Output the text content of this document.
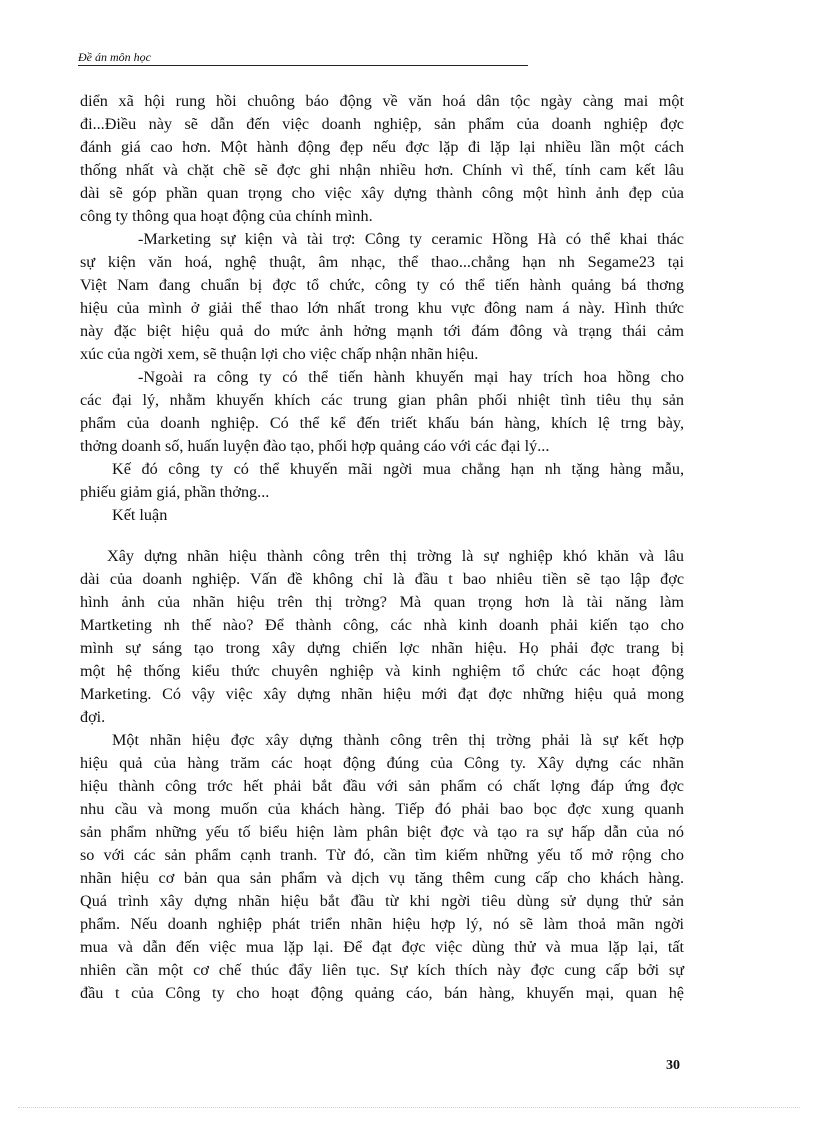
Đề án môn học
diển xã hội rung hồi chuông báo động về văn hoá dân tộc ngày càng mai một
đi...Điều này sẽ dẫn đến việc doanh nghiệp, sản phẩm của doanh nghiệp đợc
đánh giá cao hơn. Một hành động đẹp nếu đợc lặp đi lặp lại nhiều lần một cách
thống nhất và chặt chẽ sẽ đợc ghi nhận nhiều hơn. Chính vì thế, tính cam kết lâu
dài sẽ góp phần quan trọng cho việc xây dựng thành công một hình ảnh đẹp của
công ty thông qua hoạt động của chính mình.
-Marketing sự kiện và tài trợ: Công ty ceramic Hồng Hà có thể khai thác
sự kiện văn hoá, nghệ thuật, âm nhạc, thể thao...chẳng hạn nh Segame23 tại
Việt Nam đang chuẩn bị đợc tổ chức, công ty có thể tiến hành quảng bá thơng
hiệu của mình ở giải thể thao lớn nhất trong khu vực đông nam á này. Hình thức
này đặc biệt hiệu quả do mức ảnh hởng mạnh tới đám đông và trạng thái cảm
xúc của ngời xem, sẽ thuận lợi cho việc chấp nhận nhãn hiệu.
-Ngoài ra công ty có thể tiến hành khuyến mại hay trích hoa hồng cho
các đại lý, nhằm khuyến khích các trung gian phân phối nhiệt tình tiêu thụ sản
phẩm của doanh nghiệp. Có thể kể đến triết khấu bán hàng, khích lệ trng bày,
thởng doanh số, huấn luyện đào tạo, phối hợp quảng cáo với các đại lý...
Kế đó công ty có thể khuyến mãi ngời mua chẳng hạn nh tặng hàng mẫu,
phiếu giảm giá, phần thởng...
Kết luận
Xây dựng nhãn hiệu thành công trên thị trờng là sự nghiệp khó khăn và lâu
dài của doanh nghiệp. Vấn đề không chỉ là đầu t bao nhiêu tiền sẽ tạo lập đợc
hình ảnh của nhãn hiệu trên thị trờng? Mà quan trọng hơn là tài năng làm
Martketing nh thế nào? Để thành công, các nhà kinh doanh phải kiến tạo cho
mình sự sáng tạo trong xây dựng chiến lợc nhãn hiệu. Họ phải đợc trang bị
một hệ thống kiểu thức chuyên nghiệp và kinh nghiệm tổ chức các hoạt động
Marketing. Có vậy việc xây dựng nhãn hiệu mới đạt đợc những hiệu quả mong
đợi.
Một nhãn hiệu đợc xây dựng thành công trên thị trờng phải là sự kết hợp
hiệu quả của hàng trăm các hoạt động đúng của Công ty. Xây dựng các nhãn
hiệu thành công trớc hết phải bắt đầu với sản phẩm có chất lợng đáp ứng đợc
nhu cầu và mong muốn của khách hàng. Tiếp đó phải bao bọc đợc xung quanh
sản phẩm những yếu tố biểu hiện làm phân biệt đợc và tạo ra sự hấp dẫn của nó
so với các sản phẩm cạnh tranh. Từ đó, cần tìm kiếm những yếu tố mở rộng cho
nhãn hiệu cơ bản qua sản phẩm và dịch vụ tăng thêm cung cấp cho khách hàng.
Quá trình xây dựng nhãn hiệu bắt đầu từ khi ngời tiêu dùng sử dụng thử sản
phẩm. Nếu doanh nghiệp phát triển nhãn hiệu hợp lý, nó sẽ làm thoả mãn ngời
mua và dẫn đến việc mua lặp lại. Để đạt đợc việc dùng thử và mua lặp lại, tất
nhiên cần một cơ chế thúc đẩy liên tục. Sự kích thích này đợc cung cấp bởi sự
đầu t của Công ty cho hoạt động quảng cáo, bán hàng, khuyến mại, quan hệ
30
